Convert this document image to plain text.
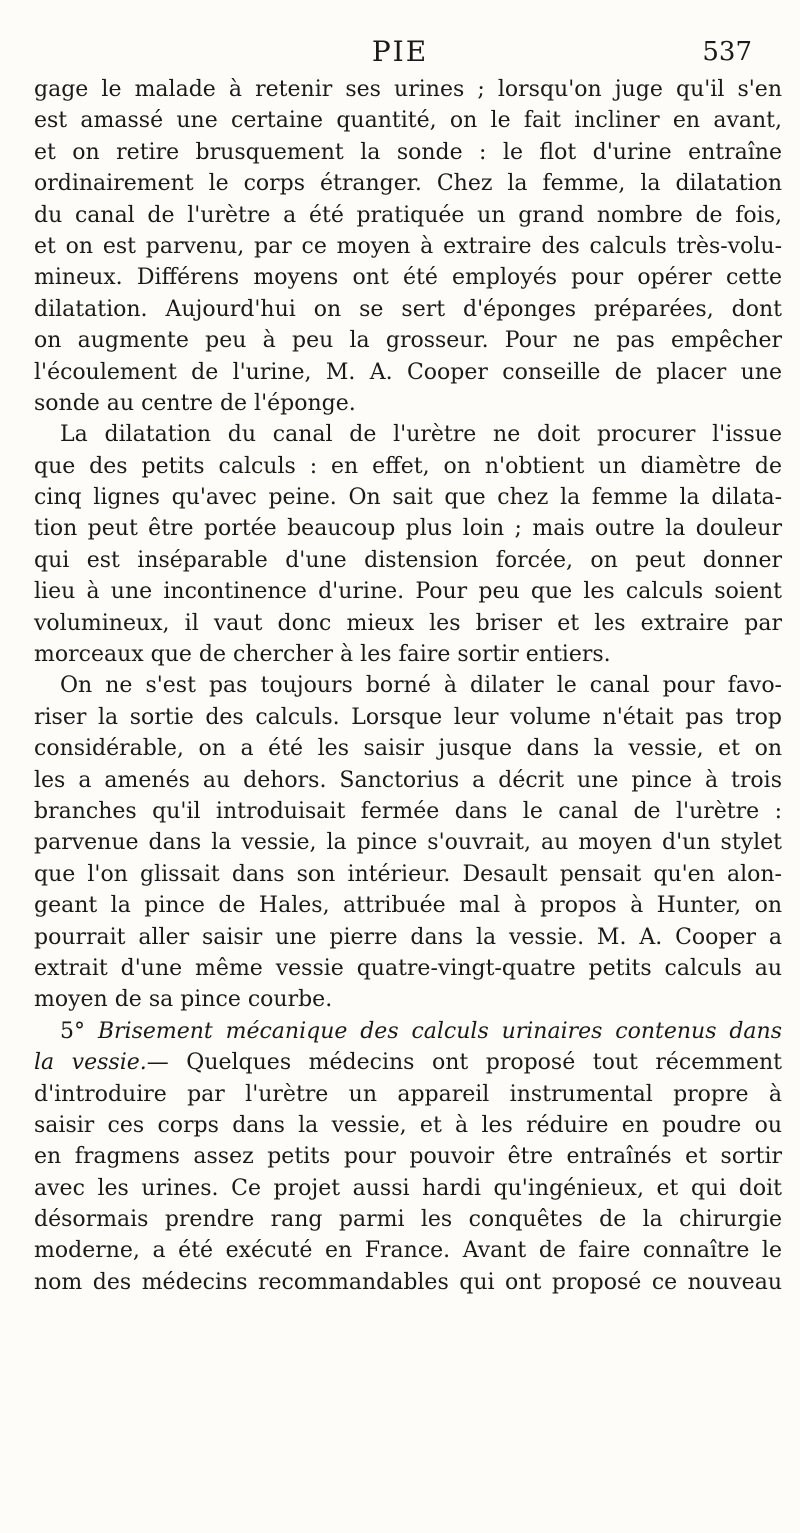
PIE	537
gage le malade à retenir ses urines ; lorsqu'on juge qu'il s'en
est amassé une certaine quantité, on le fait incliner en avant,
et on retire brusquement la sonde : le flot d'urine entraîne
ordinairement le corps étranger. Chez la femme, la dilatation
du canal de l'urètre a été pratiquée un grand nombre de fois,
et on est parvenu, par ce moyen à extraire des calculs très-volu-
mineux. Différens moyens ont été employés pour opérer cette
dilatation. Aujourd'hui on se sert d'éponges préparées, dont
on augmente peu à peu la grosseur. Pour ne pas empêcher
l'écoulement de l'urine, M. A. Cooper conseille de placer une
sonde au centre de l'éponge.
La dilatation du canal de l'urètre ne doit procurer l'issue
que des petits calculs : en effet, on n'obtient un diamètre de
cinq lignes qu'avec peine. On sait que chez la femme la dilata-
tion peut être portée beaucoup plus loin ; mais outre la douleur
qui est inséparable d'une distension forcée, on peut donner
lieu à une incontinence d'urine. Pour peu que les calculs soient
volumineux, il vaut donc mieux les briser et les extraire par
morceaux que de chercher à les faire sortir entiers.
On ne s'est pas toujours borné à dilater le canal pour favo-
riser la sortie des calculs. Lorsque leur volume n'était pas trop
considérable, on a été les saisir jusque dans la vessie, et on
les a amenés au dehors. Sanctorius a décrit une pince à trois
branches qu'il introduisait fermée dans le canal de l'urètre :
parvenue dans la vessie, la pince s'ouvrait, au moyen d'un stylet
que l'on glissait dans son intérieur. Desault pensait qu'en alon-
geant la pince de Hales, attribuée mal à propos à Hunter, on
pourrait aller saisir une pierre dans la vessie. M. A. Cooper a
extrait d'une même vessie quatre-vingt-quatre petits calculs au
moyen de sa pince courbe.
5° Brisement mécanique des calculs urinaires contenus dans
la vessie.— Quelques médecins ont proposé tout récemment
d'introduire par l'urètre un appareil instrumental propre à
saisir ces corps dans la vessie, et à les réduire en poudre ou
en fragmens assez petits pour pouvoir être entraînés et sortir
avec les urines. Ce projet aussi hardi qu'ingénieux, et qui doit
désormais prendre rang parmi les conquêtes de la chirurgie
moderne, a été exécuté en France. Avant de faire connaître le
nom des médecins recommandables qui ont proposé ce nouveau
